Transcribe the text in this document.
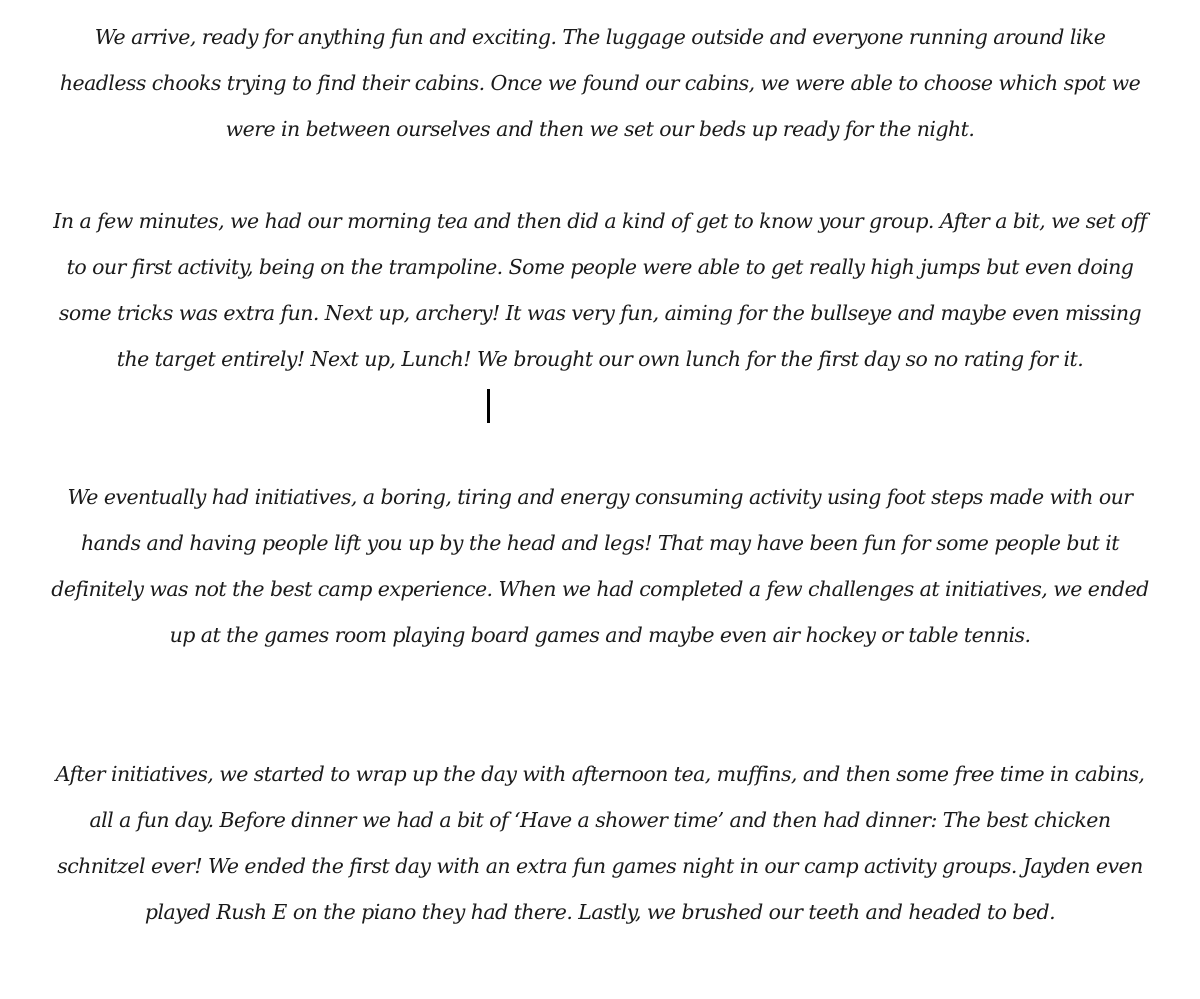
We arrive, ready for anything fun and exciting. The luggage outside and everyone running around like headless chooks trying to find their cabins. Once we found our cabins, we were able to choose which spot we were in between ourselves and then we set our beds up ready for the night.

In a few minutes, we had our morning tea and then did a kind of get to know your group. After a bit, we set off to our first activity, being on the trampoline. Some people were able to get really high jumps but even doing some tricks was extra fun. Next up, archery! It was very fun, aiming for the bullseye and maybe even missing the target entirely! Next up, Lunch! We brought our own lunch for the first day so no rating for it.

We eventually had initiatives, a boring, tiring and energy consuming activity using foot steps made with our hands and having people lift you up by the head and legs! That may have been fun for some people but it definitely was not the best camp experience. When we had completed a few challenges at initiatives, we ended up at the games room playing board games and maybe even air hockey or table tennis.

After initiatives, we started to wrap up the day with afternoon tea, muffins, and then some free time in cabins, all a fun day. Before dinner we had a bit of ‘Have a shower time’ and then had dinner: The best chicken schnitzel ever! We ended the first day with an extra fun games night in our camp activity groups. Jayden even played Rush E on the piano they had there. Lastly, we brushed our teeth and headed to bed.
